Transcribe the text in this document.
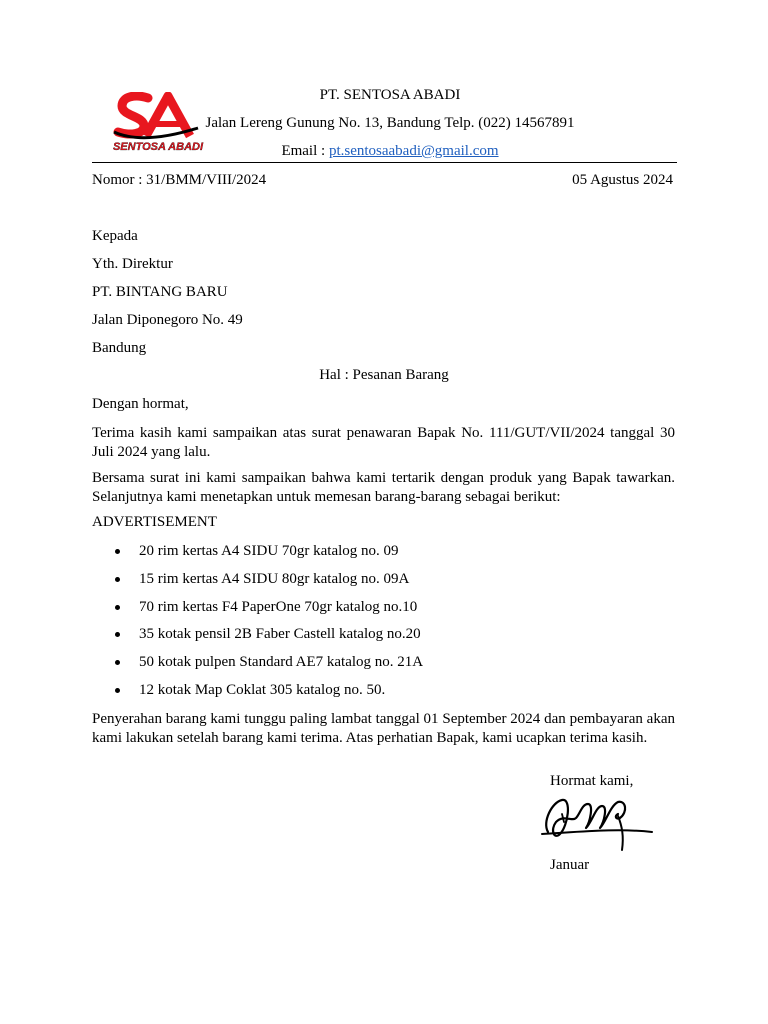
SENTOSA ABADI
PT. SENTOSA ABADI
Jalan Lereng Gunung No. 13, Bandung Telp. (022) 14567891
Email : pt.sentosaabadi@gmail.com
Nomor : 31/BMM/VIII/2024	05 Agustus 2024
Kepada
Yth. Direktur
PT. BINTANG BARU
Jalan Diponegoro No. 49
Bandung
Hal : Pesanan Barang
Dengan hormat,
Terima kasih kami sampaikan atas surat penawaran Bapak No. 111/GUT/VII/2024 tanggal 30 Juli 2024 yang lalu.
Bersama surat ini kami sampaikan bahwa kami tertarik dengan produk yang Bapak tawarkan. Selanjutnya kami menetapkan untuk memesan barang-barang sebagai berikut:
ADVERTISEMENT
20 rim kertas A4 SIDU 70gr katalog no. 09
15 rim kertas A4 SIDU 80gr katalog no. 09A
70 rim kertas F4 PaperOne 70gr katalog no.10
35 kotak pensil 2B Faber Castell katalog no.20
50 kotak pulpen Standard AE7 katalog no. 21A
12 kotak Map Coklat 305 katalog no. 50.
Penyerahan barang kami tunggu paling lambat tanggal 01 September 2024 dan pembayaran akan kami lakukan setelah barang kami terima. Atas perhatian Bapak, kami ucapkan terima kasih.
Hormat kami,
Januar
